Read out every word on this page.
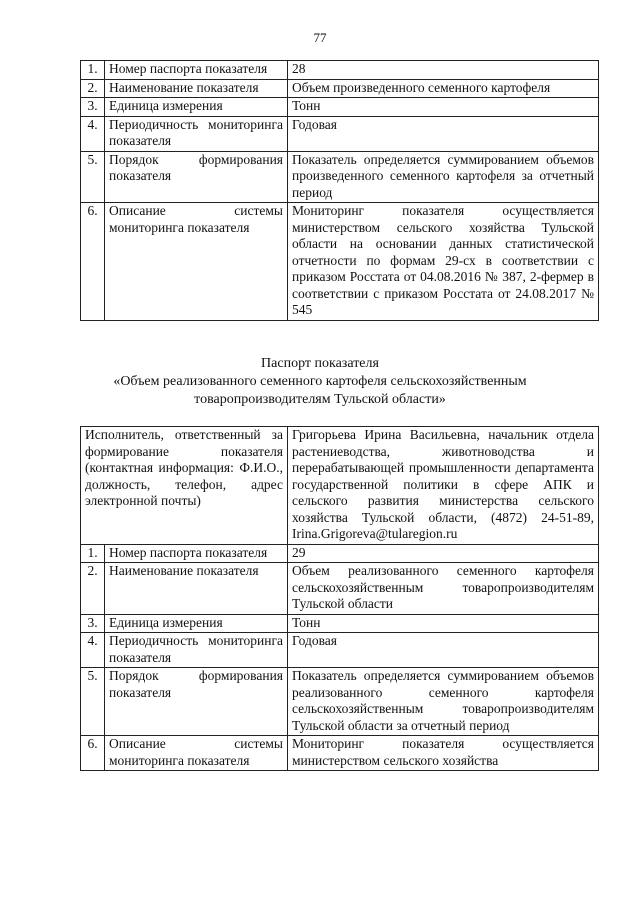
77
1.	Номер паспорта показателя	28
2.	Наименование показателя	Объем произведенного семенного картофеля
3.	Единица измерения	Тонн
4.	Периодичность мониторинга показателя	Годовая
5.	Порядок формирования показателя	Показатель определяется суммированием объемов произведенного семенного картофеля за отчетный период
6.	Описание системы мониторинга показателя	Мониторинг показателя осуществляется министерством сельского хозяйства Тульской области на основании данных статистической отчетности по формам 29-сх в соответствии с приказом Росстата от 04.08.2016 № 387, 2-фермер в соответствии с приказом Росстата от 24.08.2017 № 545
Паспорт показателя
«Объем реализованного семенного картофеля сельскохозяйственным
товаропроизводителям Тульской области»
Исполнитель, ответственный за формирование показателя (контактная информация: Ф.И.О., должность, телефон, адрес электронной почты)		Григорьева Ирина Васильевна, начальник отдела растениеводства, животноводства и перерабатывающей промышленности департамента государственной политики в сфере АПК и сельского развития министерства сельского хозяйства Тульской области, (4872) 24-51-89, Irina.Grigoreva@tularegion.ru
1.	Номер паспорта показателя	29
2.	Наименование показателя	Объем реализованного семенного картофеля сельскохозяйственным товаропроизводителям Тульской области
3.	Единица измерения	Тонн
4.	Периодичность мониторинга показателя	Годовая
5.	Порядок формирования показателя	Показатель определяется суммированием объемов реализованного семенного картофеля сельскохозяйственным товаропроизводителям Тульской области за отчетный период
6.	Описание системы мониторинга показателя	Мониторинг показателя осуществляется министерством сельского хозяйства
